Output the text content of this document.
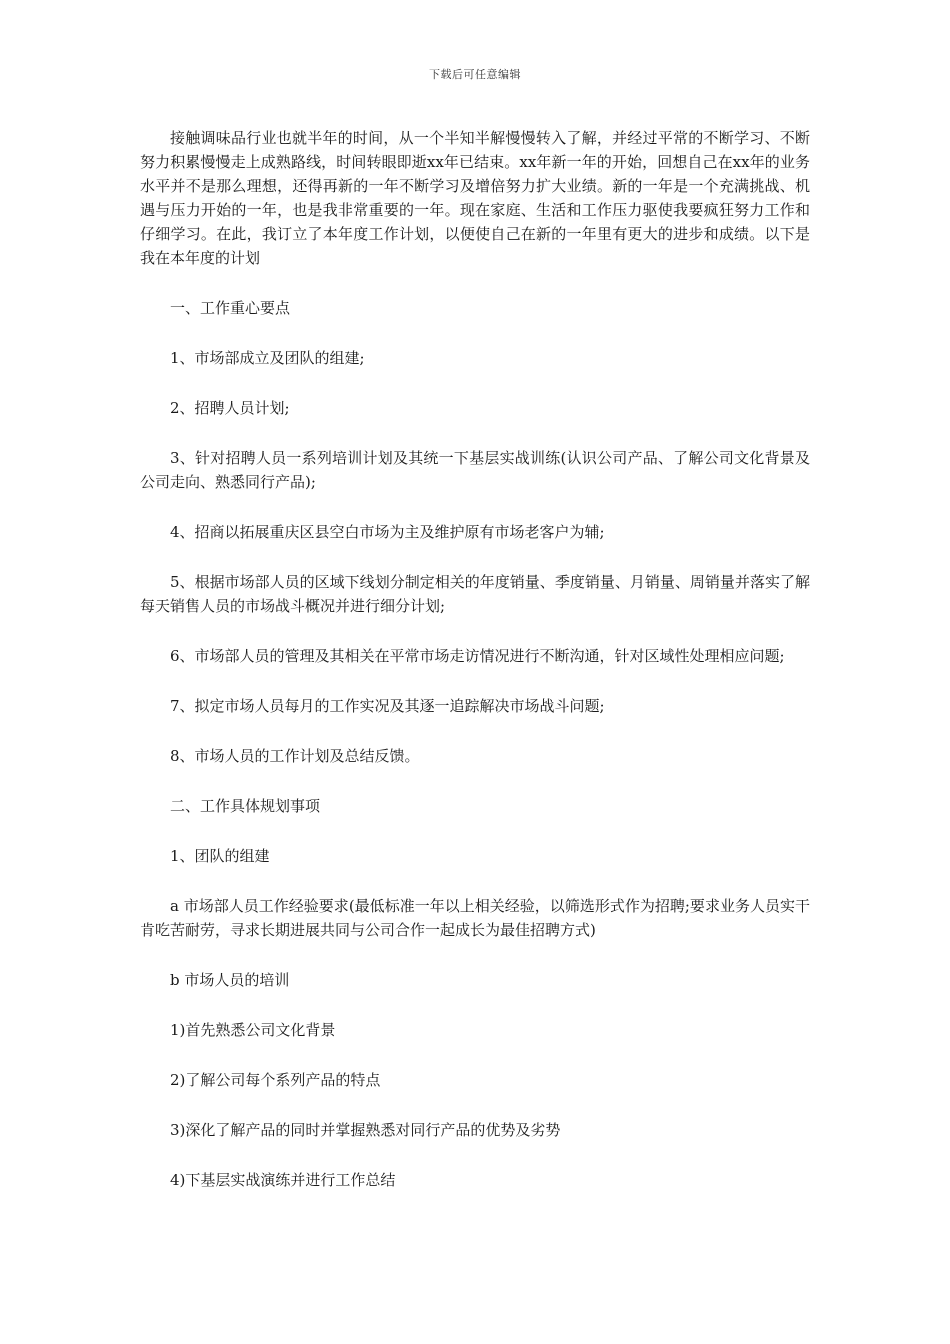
下载后可任意编辑

接触调味品行业也就半年的时间，从一个半知半解慢慢转入了解，并经过平常的不断学习、不断努力积累慢慢走上成熟路线，时间转眼即逝xx年已结束。xx年新一年的开始，回想自己在xx年的业务水平并不是那么理想，还得再新的一年不断学习及增倍努力扩大业绩。新的一年是一个充满挑战、机遇与压力开始的一年，也是我非常重要的一年。现在家庭、生活和工作压力驱使我要疯狂努力工作和仔细学习。在此，我订立了本年度工作计划，以便使自己在新的一年里有更大的进步和成绩。以下是我在本年度的计划

一、工作重心要点

1、市场部成立及团队的组建;

2、招聘人员计划;

3、针对招聘人员一系列培训计划及其统一下基层实战训练(认识公司产品、了解公司文化背景及公司走向、熟悉同行产品);

4、招商以拓展重庆区县空白市场为主及维护原有市场老客户为辅;

5、根据市场部人员的区域下线划分制定相关的年度销量、季度销量、月销量、周销量并落实了解每天销售人员的市场战斗概况并进行细分计划;

6、市场部人员的管理及其相关在平常市场走访情况进行不断沟通，针对区域性处理相应问题;

7、拟定市场人员每月的工作实况及其逐一追踪解决市场战斗问题;

8、市场人员的工作计划及总结反馈。

二、工作具体规划事项

1、团队的组建

a 市场部人员工作经验要求(最低标准一年以上相关经验，以筛选形式作为招聘;要求业务人员实干肯吃苦耐劳，寻求长期进展共同与公司合作一起成长为最佳招聘方式)

b 市场人员的培训

1)首先熟悉公司文化背景

2)了解公司每个系列产品的特点

3)深化了解产品的同时并掌握熟悉对同行产品的优势及劣势

4)下基层实战演练并进行工作总结
